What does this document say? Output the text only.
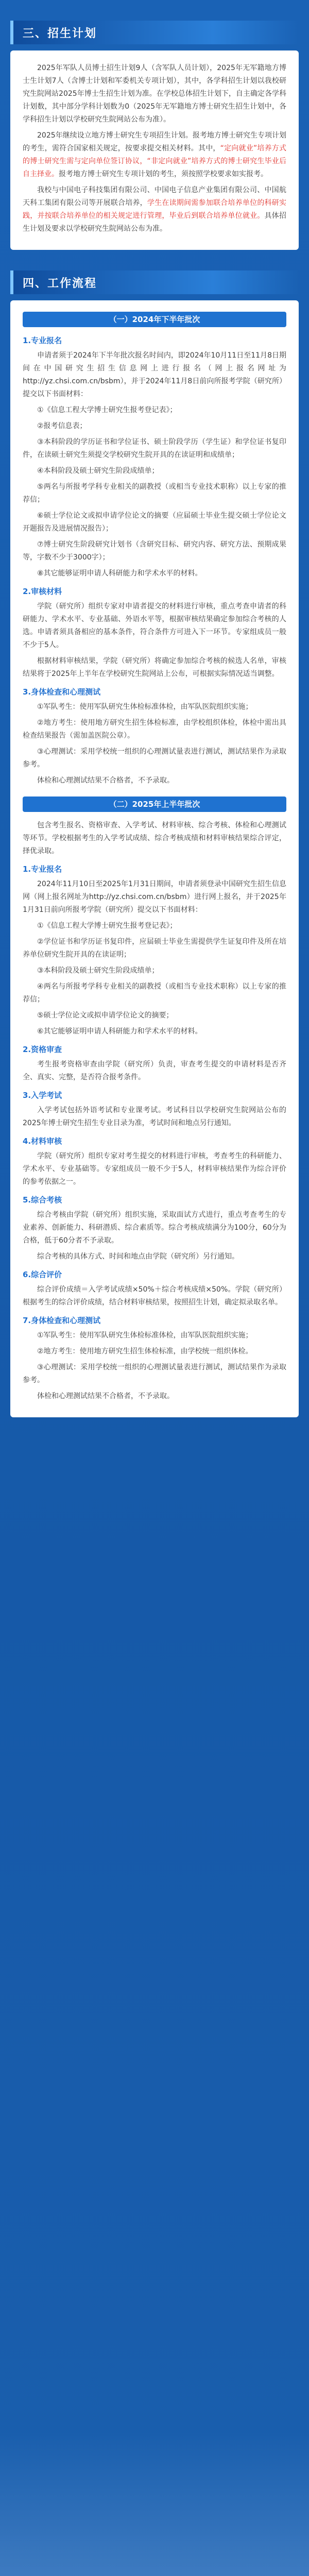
三、招生计划

2025年军队人员博士招生计划9人（含军队人员计划），2025年无军籍地方博士生计划7人（含博士计划和军委机关专项计划），其中，各学科招生计划以我校研究生院网站2025年博士生招生计划为准。在学校总体招生计划下，自主确定各学科计划数，其中部分学科计划数为0（2025年无军籍地方博士研究生招生计划中，各学科招生计划以学校研究生院网站公布为准）。

2025年继续设立地方博士研究生专项招生计划。报考地方博士研究生专项计划的考生，需符合国家相关规定，按要求提交相关材料。其中，“定向就业”培养方式的博士研究生需与定向单位签订协议，“非定向就业”培养方式的博士研究生毕业后自主择业。报考地方博士研究生专项计划的考生，须按照学校要求如实报考。

我校与中国电子科技集团有限公司、中国电子信息产业集团有限公司、中国航天科工集团有限公司等开展联合培养，学生在读期间需参加联合培养单位的科研实践，并按联合培养单位的相关规定进行管理，毕业后到联合培养单位就业。具体招生计划及要求以学校研究生院网站公布为准。

四、工作流程
（一）2024年下半年批次
1.专业报名

申请者须于2024年下半年批次报名时间内，即2024年10月11日至11月8日期间在中国研究生招生信息网上进行报名（网上报名网址为http://yz.chsi.com.cn/bsbm），并于2024年11月8日前向所报考学院（研究所）提交以下书面材料：

①《信息工程大学博士研究生报考登记表》；

②报考信息表；

③本科阶段的学历证书和学位证书、硕士阶段学历（学生证）和学位证书复印件，在读硕士研究生须提交学校研究生院开具的在读证明和成绩单；

④本科阶段及硕士研究生阶段成绩单；

⑤两名与所报考学科专业相关的副教授（或相当专业技术职称）以上专家的推荐信；

⑥硕士学位论文或拟申请学位论文的摘要（应届硕士毕业生提交硕士学位论文开题报告及进展情况报告）；

⑦博士研究生阶段研究计划书（含研究目标、研究内容、研究方法、预期成果等，字数不少于3000字）；

⑧其它能够证明申请人科研能力和学术水平的材料。

2.审核材料

学院（研究所）组织专家对申请者提交的材料进行审核，重点考查申请者的科研能力、学术水平、专业基础、外语水平等，根据审核结果确定参加综合考核的人选。申请者须具备相应的基本条件，符合条件方可进入下一环节。专家组成员一般不少于5人。

根据材料审核结果，学院（研究所）将确定参加综合考核的候选人名单，审核结果将于2025年上半年在学校研究生院网站上公布，可根据实际情况适当调整。

3.身体检查和心理测试

①军队考生：使用军队研究生体检标准体检，由军队医院组织实施；

②地方考生：使用地方研究生招生体检标准，由学校组织体检，体检中需出具检查结果报告（需加盖医院公章）。

③心理测试：采用学校统一组织的心理测试量表进行测试，测试结果作为录取参考。

体检和心理测试结果不合格者，不予录取。

（二）2025年上半年批次

包含考生报名、资格审查、入学考试、材料审核、综合考核、体检和心理测试等环节。学校根据考生的入学考试成绩、综合考核成绩和材料审核结果综合评定，择优录取。

1.专业报名

2024年11月10日至2025年1月31日期间，申请者须登录中国研究生招生信息网（网上报名网址为http://yz.chsi.com.cn/bsbm）进行网上报名，并于2025年1月31日前向所报考学院（研究所）提交以下书面材料：

①《信息工程大学博士研究生报考登记表》；

②学位证书和学历证书复印件，应届硕士毕业生需提供学生证复印件及所在培养单位研究生院开具的在读证明；

③本科阶段及硕士研究生阶段成绩单；

④两名与所报考学科专业相关的副教授（或相当专业技术职称）以上专家的推荐信；

⑤硕士学位论文或拟申请学位论文的摘要；

⑥其它能够证明申请人科研能力和学术水平的材料。

2.资格审查

考生报考资格审查由学院（研究所）负责，审查考生提交的申请材料是否齐全、真实、完整，是否符合报考条件。

3.入学考试

入学考试包括外语考试和专业课考试。考试科目以学校研究生院网站公布的2025年博士研究生招生专业目录为准，考试时间和地点另行通知。

4.材料审核

学院（研究所）组织专家对考生提交的材料进行审核，考查考生的科研能力、学术水平、专业基础等。专家组成员一般不少于5人，材料审核结果作为综合评价的参考依据之一。

5.综合考核

综合考核由学院（研究所）组织实施，采取面试方式进行，重点考查考生的专业素养、创新能力、科研潜质、综合素质等。综合考核成绩满分为100分，60分为合格，低于60分者不予录取。

综合考核的具体方式、时间和地点由学院（研究所）另行通知。

6.综合评价

综合评价成绩＝入学考试成绩×50%＋综合考核成绩×50%。学院（研究所）根据考生的综合评价成绩，结合材料审核结果，按照招生计划，确定拟录取名单。

7.身体检查和心理测试

①军队考生：使用军队研究生体检标准体检，由军队医院组织实施；

②地方考生：使用地方研究生招生体检标准，由学校统一组织体检。

③心理测试：采用学校统一组织的心理测试量表进行测试，测试结果作为录取参考。

体检和心理测试结果不合格者，不予录取。
